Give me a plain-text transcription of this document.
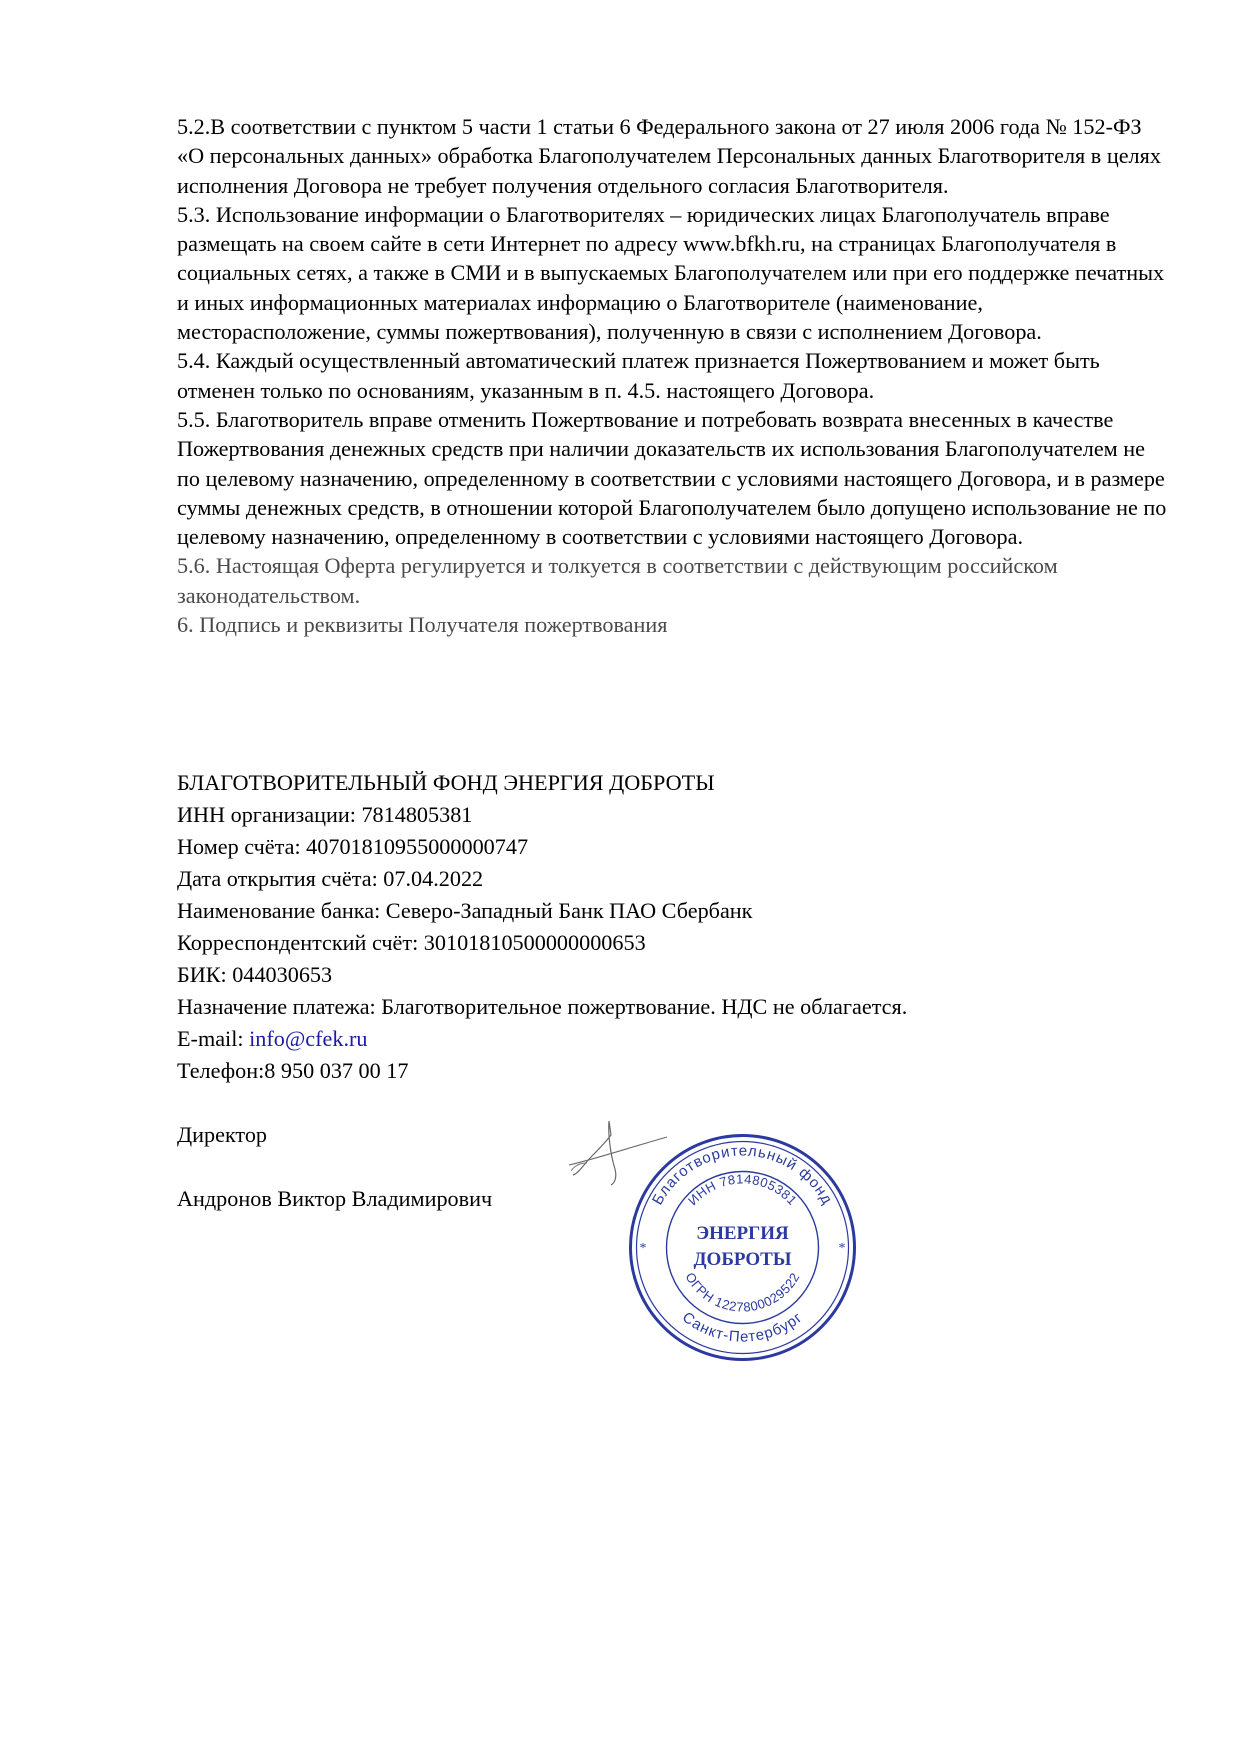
5.2.В соответствии с пунктом 5 части 1 статьи 6 Федерального закона от 27 июля 2006 года № 152-ФЗ «О персональных данных» обработка Благополучателем Персональных данных Благотворителя в целях исполнения Договора не требует получения отдельного согласия Благотворителя.

5.3. Использование информации о Благотворителях – юридических лицах Благополучатель вправе размещать на своем сайте в сети Интернет по адресу www.bfkh.ru, на страницах Благополучателя в социальных сетях, а также в СМИ и в выпускаемых Благополучателем или при его поддержке печатных и иных информационных материалах информацию о Благотворителе (наименование, месторасположение, суммы пожертвования), полученную в связи с исполнением Договора.

5.4. Каждый осуществленный автоматический платеж признается Пожертвованием и может быть отменен только по основаниям, указанным в п. 4.5. настоящего Договора.

5.5. Благотворитель вправе отменить Пожертвование и потребовать возврата внесенных в качестве Пожертвования денежных средств при наличии доказательств их использования Благополучателем не по целевому назначению, определенному в соответствии с условиями настоящего Договора, и в размере суммы денежных средств, в отношении которой Благополучателем было допущено использование не по целевому назначению, определенному в соответствии с условиями настоящего Договора.

5.6. Настоящая Оферта регулируется и толкуется в соответствии с действующим российском законодательством.

6. Подпись и реквизиты Получателя пожертвования

БЛАГОТВОРИТЕЛЬНЫЙ ФОНД ЭНЕРГИЯ ДОБРОТЫ

ИНН организации: 7814805381

Номер счёта: 40701810955000000747

Дата открытия счёта: 07.04.2022

Наименование банка: Северо-Западный Банк ПАО Сбербанк

Корреспондентский счёт: 30101810500000000653

БИК: 044030653

Назначение платежа: Благотворительное пожертвование. НДС не облагается.

E-mail: info@cfek.ru

Телефон:8 950 037 00 17

Директор

Андронов Виктор Владимирович	Благотворительный фонд
ИНН 7814805381
ОГРН 1227800029522
Санкт-Петербург
ЭНЕРГИЯ
ДОБРОТЫ
*	*
